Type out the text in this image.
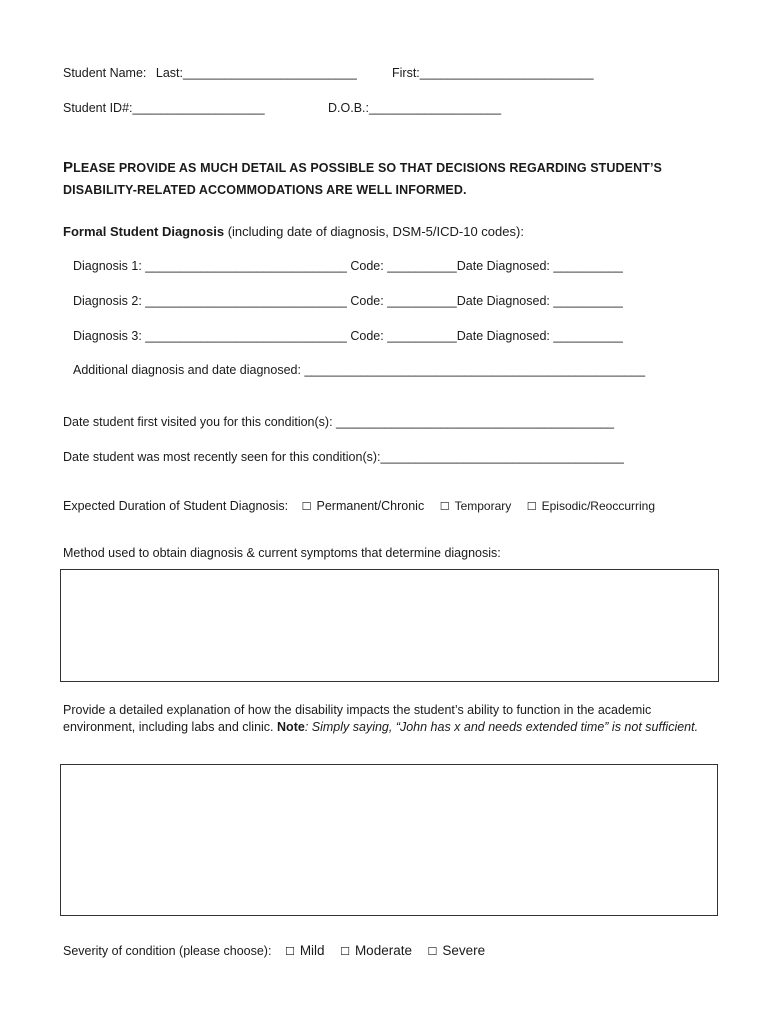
Student Name: Last:_________________________	First:_________________________
Student ID#:___________________	D.O.B.:___________________
PLEASE PROVIDE AS MUCH DETAIL AS POSSIBLE SO THAT DECISIONS REGARDING STUDENT’S
DISABILITY-RELATED ACCOMMODATIONS ARE WELL INFORMED.
Formal Student Diagnosis (including date of diagnosis, DSM-5/ICD-10 codes):
Diagnosis 1: _____________________________ Code: __________Date Diagnosed: __________
Diagnosis 2: _____________________________ Code: __________Date Diagnosed: __________
Diagnosis 3: _____________________________ Code: __________Date Diagnosed: __________
Additional diagnosis and date diagnosed: _________________________________________________
Date student first visited you for this condition(s): ________________________________________
Date student was most recently seen for this condition(s):___________________________________
Expected Duration of Student Diagnosis: ☐ Permanent/Chronic ☐ Temporary ☐ Episodic/Reoccurring
Method used to obtain diagnosis & current symptoms that determine diagnosis:
Provide a detailed explanation of how the disability impacts the student’s ability to function in the academic environment, including labs and clinic. Note: Simply saying, “John has x and needs extended time” is not sufficient.
Severity of condition (please choose): ☐ Mild ☐ Moderate ☐ Severe
